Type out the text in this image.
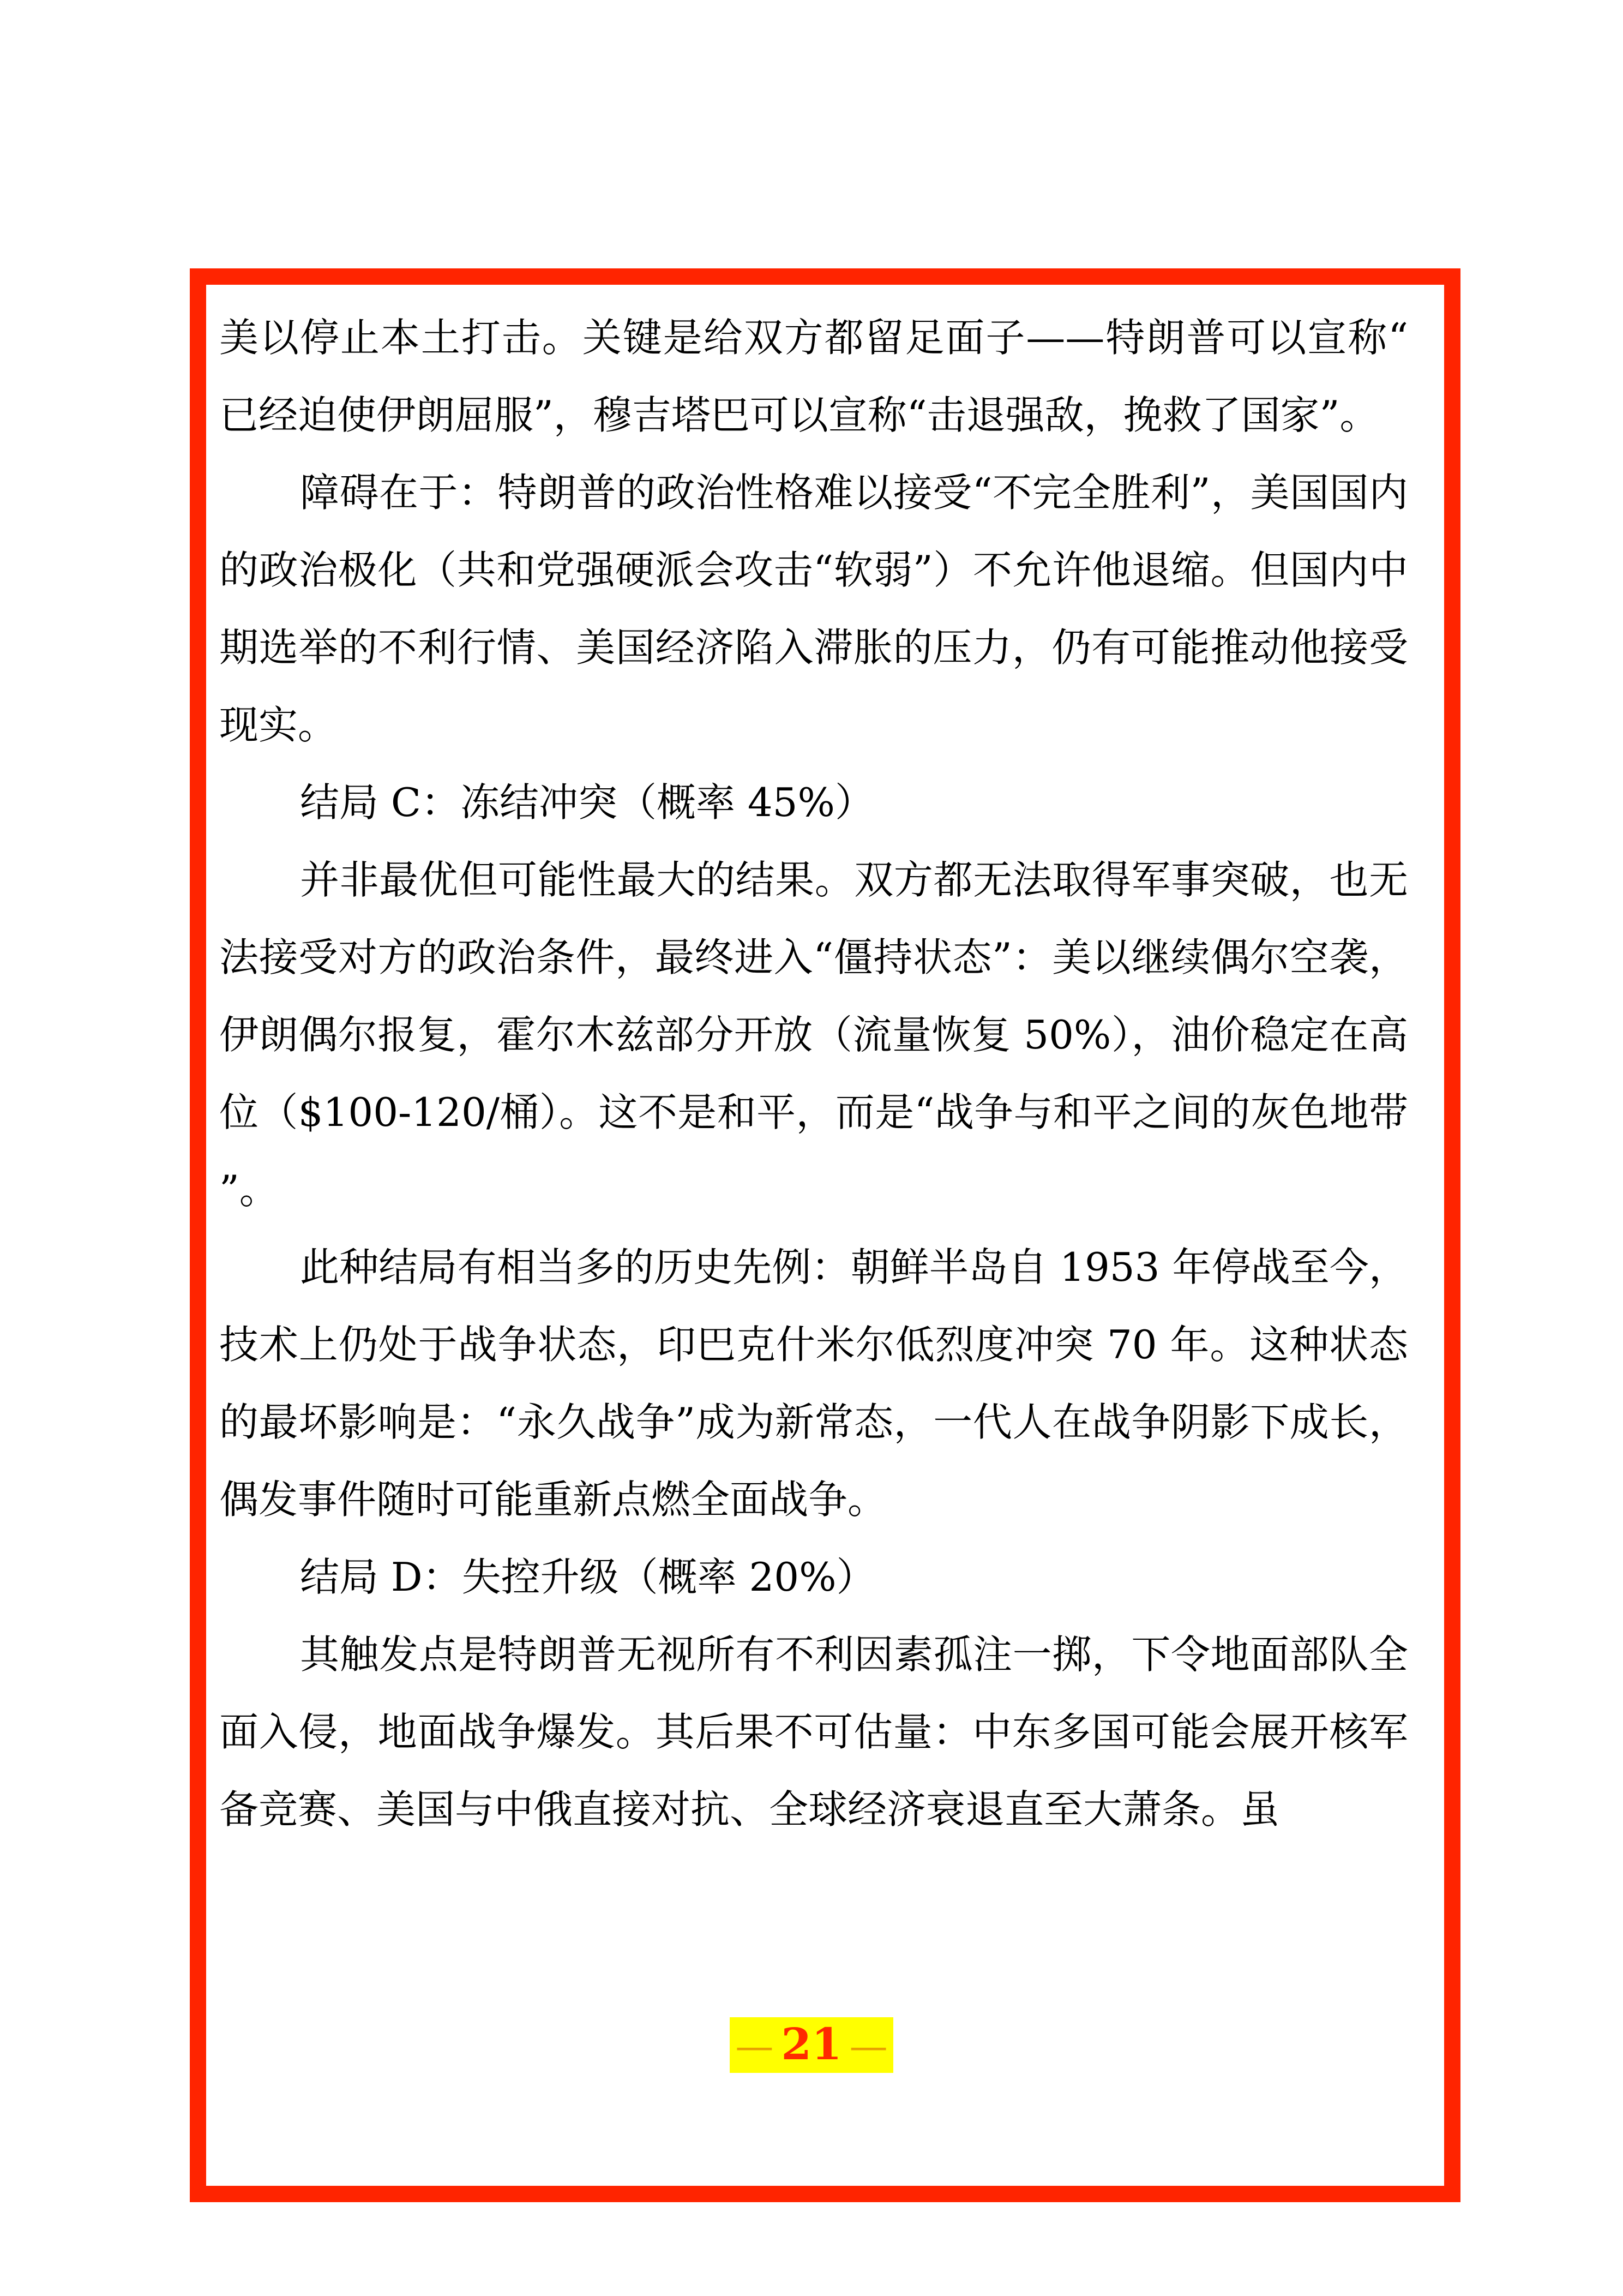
美以停止本土打击。关键是给双方都留足面子——特朗普可以宣称“已经迫使伊朗屈服”，穆吉塔巴可以宣称“击退强敌，挽救了国家”。

障碍在于：特朗普的政治性格难以接受“不完全胜利”，美国国内的政治极化（共和党强硬派会攻击“软弱”）不允许他退缩。但国内中期选举的不利行情、美国经济陷入滞胀的压力，仍有可能推动他接受现实。

结局 C：冻结冲突（概率 45%）

并非最优但可能性最大的结果。双方都无法取得军事突破，也无法接受对方的政治条件，最终进入“僵持状态”：美以继续偶尔空袭，伊朗偶尔报复，霍尔木兹部分开放（流量恢复 50%），油价稳定在高位（$100-120/桶）。这不是和平，而是“战争与和平之间的灰色地带”。

此种结局有相当多的历史先例：朝鲜半岛自 1953 年停战至今，技术上仍处于战争状态，印巴克什米尔低烈度冲突 70 年。这种状态的最坏影响是：“永久战争”成为新常态，一代人在战争阴影下成长，偶发事件随时可能重新点燃全面战争。

结局 D：失控升级（概率 20%）

其触发点是特朗普无视所有不利因素孤注一掷，下令地面部队全面入侵，地面战争爆发。其后果不可估量：中东多国可能会展开核军备竞赛、美国与中俄直接对抗、全球经济衰退直至大萧条。虽

— 21 —
